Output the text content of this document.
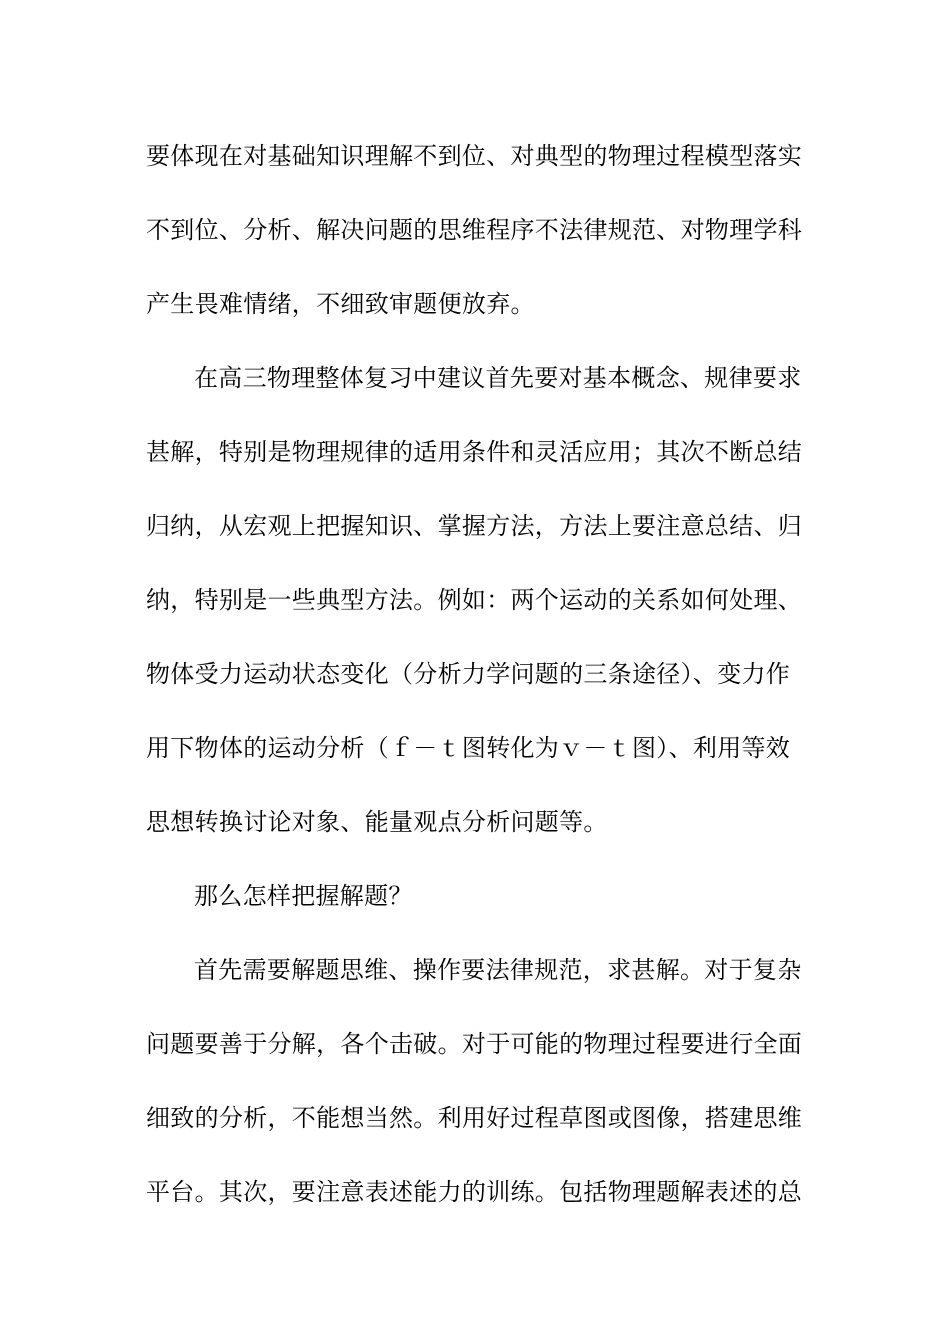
要体现在对基础知识理解不到位、对典型的物理过程模型落实
不到位、分析、解决问题的思维程序不法律规范、对物理学科
产生畏难情绪，不细致审题便放弃。
在高三物理整体复习中建议首先要对基本概念、规律要求
甚解，特别是物理规律的适用条件和灵活应用；其次不断总结
归纳，从宏观上把握知识、掌握方法，方法上要注意总结、归
纳，特别是一些典型方法。例如：两个运动的关系如何处理、
物体受力运动状态变化（分析力学问题的三条途径）、变力作
用下物体的运动分析（ｆ－ｔ图转化为ｖ－ｔ图）、利用等效
思想转换讨论对象、能量观点分析问题等。
那么怎样把握解题？
首先需要解题思维、操作要法律规范，求甚解。对于复杂
问题要善于分解，各个击破。对于可能的物理过程要进行全面
细致的分析，不能想当然。利用好过程草图或图像，搭建思维
平台。其次，要注意表述能力的训练。包括物理题解表述的总
